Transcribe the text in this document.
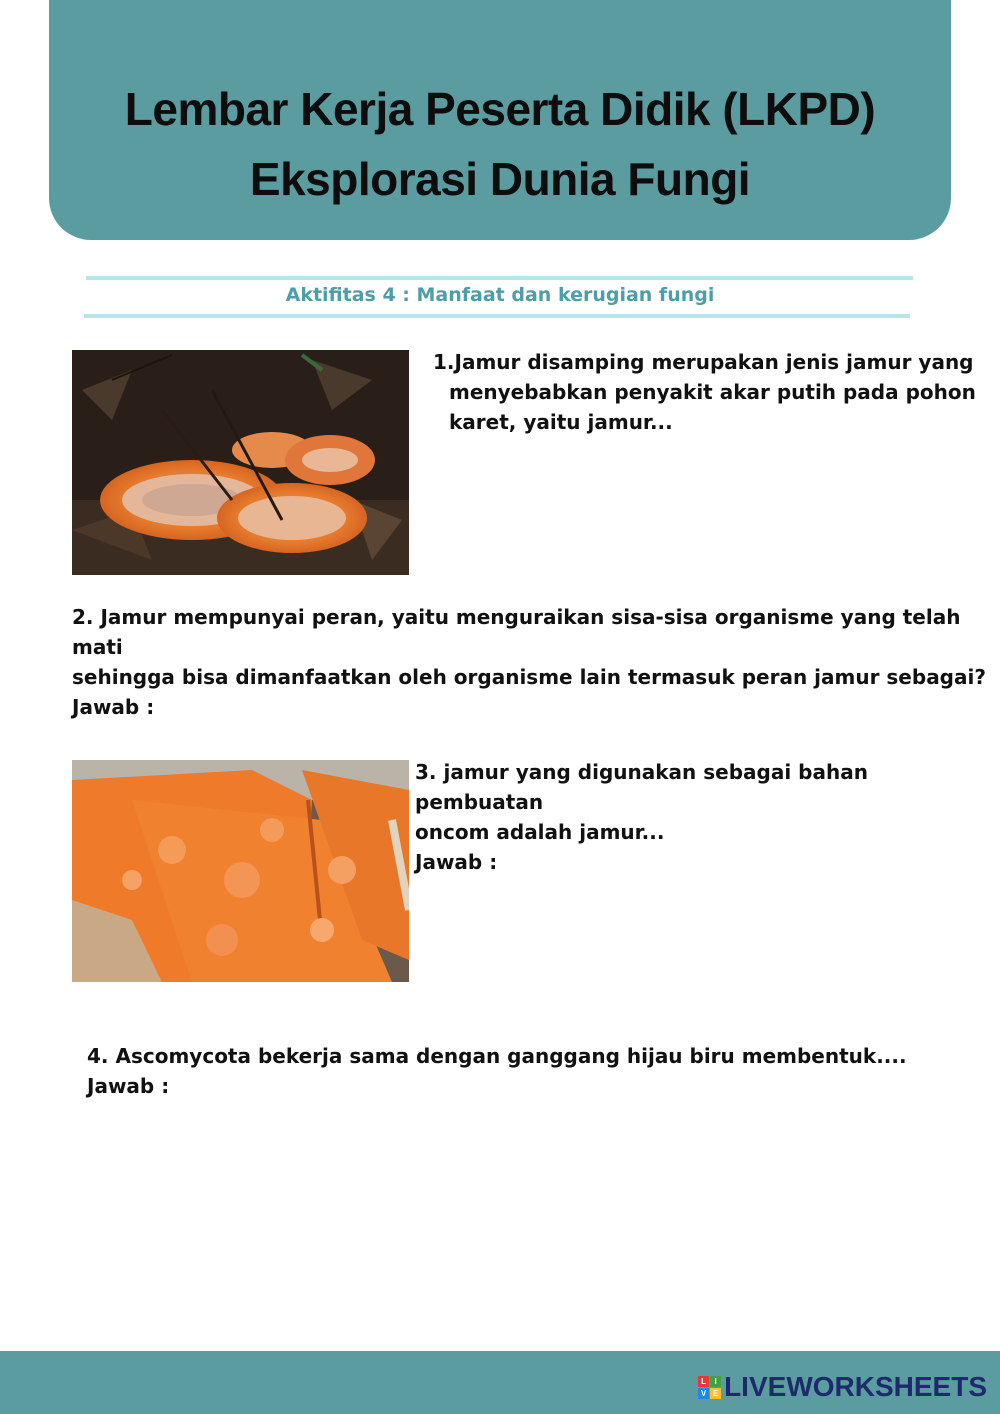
Lembar Kerja Peserta Didik (LKPD)
Eksplorasi Dunia Fungi
Aktifitas 4 : Manfaat dan kerugian fungi

1.Jamur disamping merupakan jenis jamur yang

menyebabkan penyakit akar putih pada pohon

karet, yaitu jamur...

2. Jamur mempunyai peran, yaitu menguraikan sisa-sisa organisme yang telah mati

sehingga bisa dimanfaatkan oleh organisme lain termasuk peran jamur sebagai?

Jawab :

3. jamur yang digunakan sebagai bahan pembuatan

oncom adalah jamur...

Jawab :

4. Ascomycota bekerja sama dengan ganggang hijau biru membentuk....

Jawab :

L	I
V E LIVEWORKSHEETS
